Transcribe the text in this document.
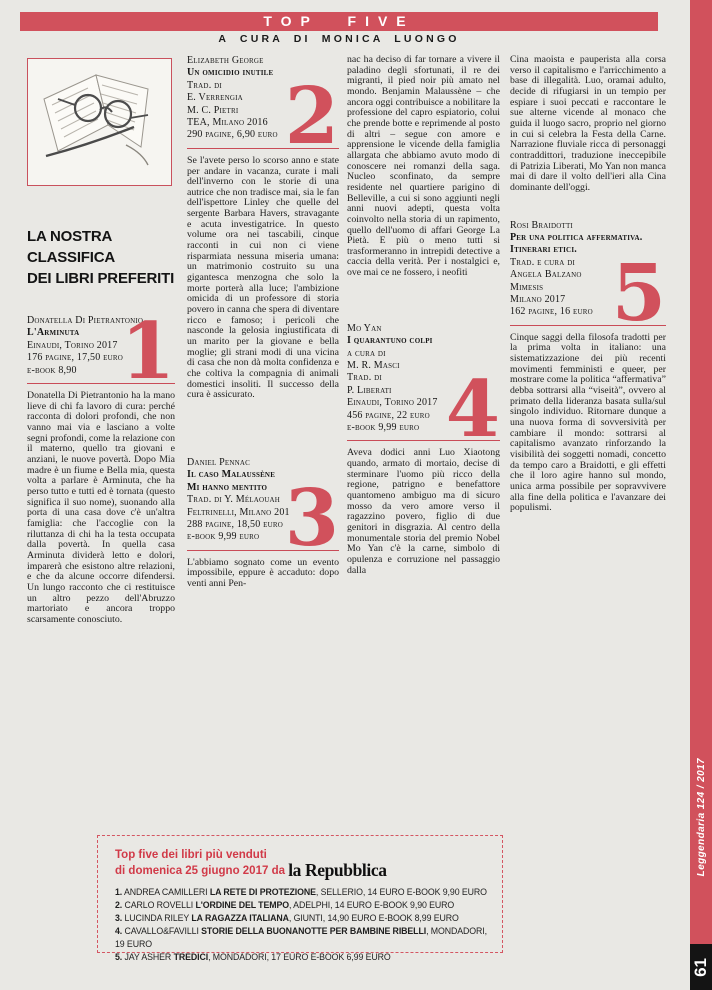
TOP FIVE
A CURA DI MONICA LUONGO
LA NOSTRA
CLASSIFICA
DEI LIBRI PREFERITI
1
Donatella Di Pietrantonio
L'Arminuta
Einaudi, Torino 2017
176 pagine, 17,50 euro
e-book 8,90
Donatella Di Pietrantonio ha la mano lieve di chi fa lavoro di cura: perché racconta di dolori profondi, che non vanno mai via e lasciano a volte segni profondi, come la relazione con il materno, quello tra giovani e anziani, le nuove povertà. Dopo Mia madre è un fiume e Bella mia, questa volta a parlare è Arminuta, che ha perso tutto e tutti ed è tornata (questo significa il suo nome), suonando alla porta di una casa dove c'è un'altra famiglia: che l'accoglie con la riluttanza di chi ha la testa occupata dalla povertà. In quella casa Arminuta dividerà letto e dolori, imparerà che esistono altre relazioni, e che da alcune occorre difendersi. Un lungo racconto che ci restituisce un altro pezzo dell'Abruzzo martoriato e ancora troppo scarsamente conosciuto.
2
Elizabeth George
Un omicidio inutile
Trad. di
E. Verrengia
M. C. Pietri
TEA, Milano 2016
290 pagine, 6,90 euro
Se l'avete perso lo scorso anno e state per andare in vacanza, curate i mali dell'inverno con le storie di una autrice che non tradisce mai, sia le fan dell'ispettore Linley che quelle del sergente Barbara Havers, stravagante e acuta investigatrice. In questo volume ora nei tascabili, cinque racconti in cui non ci viene risparmiata nessuna miseria umana: un matrimonio costruito su una gigantesca menzogna che solo la morte porterà alla luce; l'ambizione omicida di un professore di storia povero in canna che spera di diventare ricco e famoso; i pericoli che nasconde la gelosia ingiustificata di un marito per la giovane e bella moglie; gli strani modi di una vicina di casa che non dà molta confidenza e che coltiva la compagnia di animali domestici insoliti. Il successo della cura è assicurato.
3
Daniel Pennac
Il caso Malaussène
Mi hanno mentito
Trad. di Y. Mélaouah
Feltrinelli, Milano 201
288 pagine, 18,50 euro
e-book 9,99 euro
L'abbiamo sognato come un evento impossibile, eppure è accaduto: dopo venti anni Pen-
nac ha deciso di far tornare a vivere il paladino degli sfortunati, il re dei migranti, il pied noir più amato nel mondo. Benjamin Malaussène – che ancora oggi contribuisce a nobilitare la professione del capro espiatorio, colui che prende botte e reprimende al posto di altri – segue con amore e apprensione le vicende della famiglia allargata che abbiamo avuto modo di conoscere nei romanzi della saga. Nucleo sconfinato, da sempre residente nel quartiere parigino di Belleville, a cui si sono aggiunti negli anni nuovi adepti, questa volta coinvolto nella storia di un rapimento, quello dell'uomo di affari George La Pietà. E più o meno tutti si trasformeranno in intrepidi detective a caccia della verità. Per i nostalgici e, ove mai ce ne fossero, i neofiti
4
Mo Yan
I quarantuno colpi
a cura di
M. R. Masci
Trad. di
P. Liberati
Einaudi, Torino 2017
456 pagine, 22 euro
e-book 9,99 euro
Aveva dodici anni Luo Xiaotong quando, armato di mortaio, decise di sterminare l'uomo più ricco della regione, patrigno e benefattore quantomeno ambiguo ma di sicuro mosso da vero amore verso il ragazzino povero, figlio di due genitori in disgrazia. Al centro della monumentale storia del premio Nobel Mo Yan c'è la carne, simbolo di opulenza e corruzione nel passaggio dalla
Cina maoista e pauperista alla corsa verso il capitalismo e l'arricchimento a base di illegalità. Luo, oramai adulto, decide di rifugiarsi in un tempio per espiare i suoi peccati e raccontare le sue alterne vicende al monaco che guida il luogo sacro, proprio nel giorno in cui si celebra la Festa della Carne. Narrazione fluviale ricca di personaggi contraddittori, traduzione ineccepibile di Patrizia Liberati, Mo Yan non manca mai di dare il volto dell'ieri alla Cina dominante dell'oggi.
5
Rosi Braidotti
Per una politica affermativa.
Itinerari etici.
Trad. e cura di
Angela Balzano
Mimesis
Milano 2017
162 pagine, 16 euro
Cinque saggi della filosofa tradotti per la prima volta in italiano: una sistematizzazione dei più recenti movimenti femministi e queer, per mostrare come la politica “affermativa” debba sottrarsi alla “viseità”, ovvero al primato della lideranza basata sulla/sul singolo individuo. Ritornare dunque a una nuova forma di sovversività per cambiare il mondo: sottrarsi al capitalismo avanzato rinforzando la visibilità dei soggetti nomadi, concetto da tempo caro a Braidotti, e gli effetti che il loro agire hanno sul mondo, unica arma possibile per sopravvivere alla fine della politica e l'avanzare dei populismi.
Top five dei libri più venduti
di domenica 25 giugno 2017 da la Repubblica
1. ANDREA CAMILLERI LA RETE DI PROTEZIONE, SELLERIO, 14 EURO E-BOOK 9,90 EURO
2. CARLO ROVELLI L'ORDINE DEL TEMPO, ADELPHI, 14 EURO E-BOOK 9,90 EURO
3. LUCINDA RILEY LA RAGAZZA ITALIANA, GIUNTI, 14,90 EURO E-BOOK 8,99 EURO
4. CAVALLO&FAVILLI STORIE DELLA BUONANOTTE PER BAMBINE RIBELLI, MONDADORI, 19 EURO
5. JAY ASHER TREDICI, MONDADORI, 17 EURO E-BOOK 6,99 EURO
Leggendaria 124 / 2017
61
